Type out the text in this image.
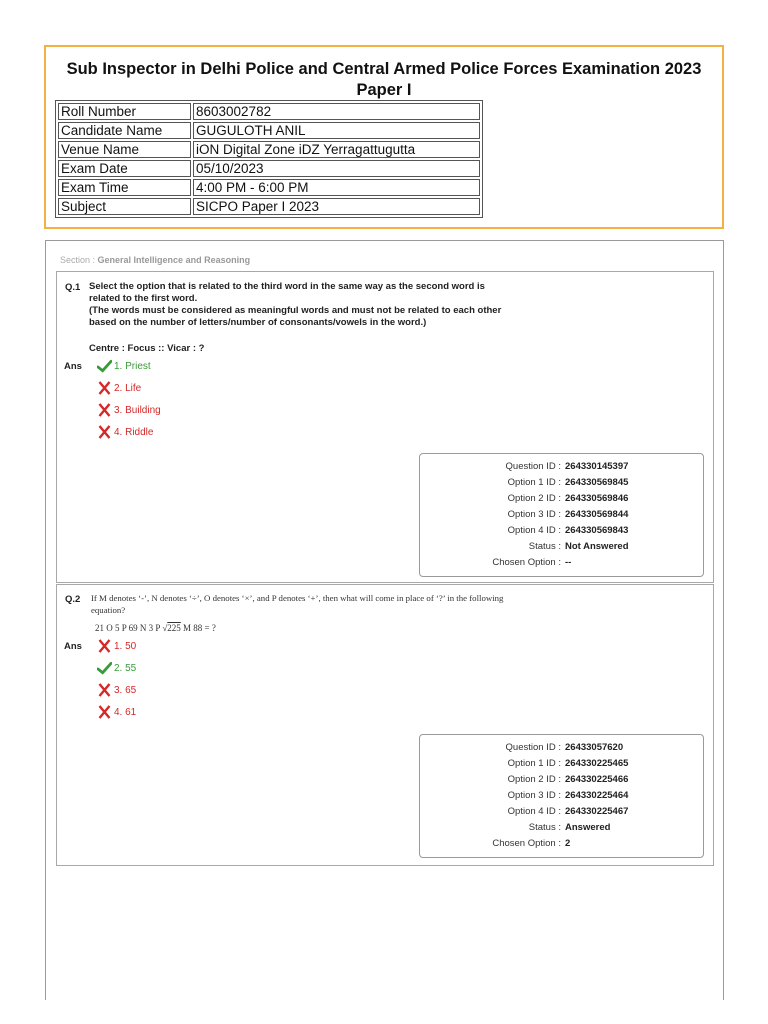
Sub Inspector in Delhi Police and Central Armed Police Forces Examination 2023
Paper I
Roll Number	8603002782
Candidate Name	GUGULOTH ANIL
Venue Name	iON Digital Zone iDZ Yerragattugutta
Exam Date	05/10/2023
Exam Time	4:00 PM - 6:00 PM
Subject	SICPO Paper I 2023
Section : General Intelligence and Reasoning
Q.1 Select the option that is related to the third word in the same way as the second word is
related to the first word.
(The words must be considered as meaningful words and must not be related to each other
based on the number of letters/number of consonants/vowels in the word.)
Centre : Focus :: Vicar : ?
Ans	1. Priest
2. Life
3. Building
4. Riddle
Question ID : 264330145397
Option 1 ID : 264330569845
Option 2 ID : 264330569846
Option 3 ID : 264330569844
Option 4 ID : 264330569843
Status : Not Answered
Chosen Option : --
Q.2 If M denotes ‘-’, N denotes ‘÷’, O denotes ‘×’, and P denotes ‘+’, then what will come in place of ‘?’ in the following
equation?
21 O 5 P 69 N 3 P √225 M 88 = ?
Ans	1. 50
2. 55
3. 65
4. 61
Question ID : 26433057620
Option 1 ID : 264330225465
Option 2 ID : 264330225466
Option 3 ID : 264330225464
Option 4 ID : 264330225467
Status : Answered
Chosen Option : 2
